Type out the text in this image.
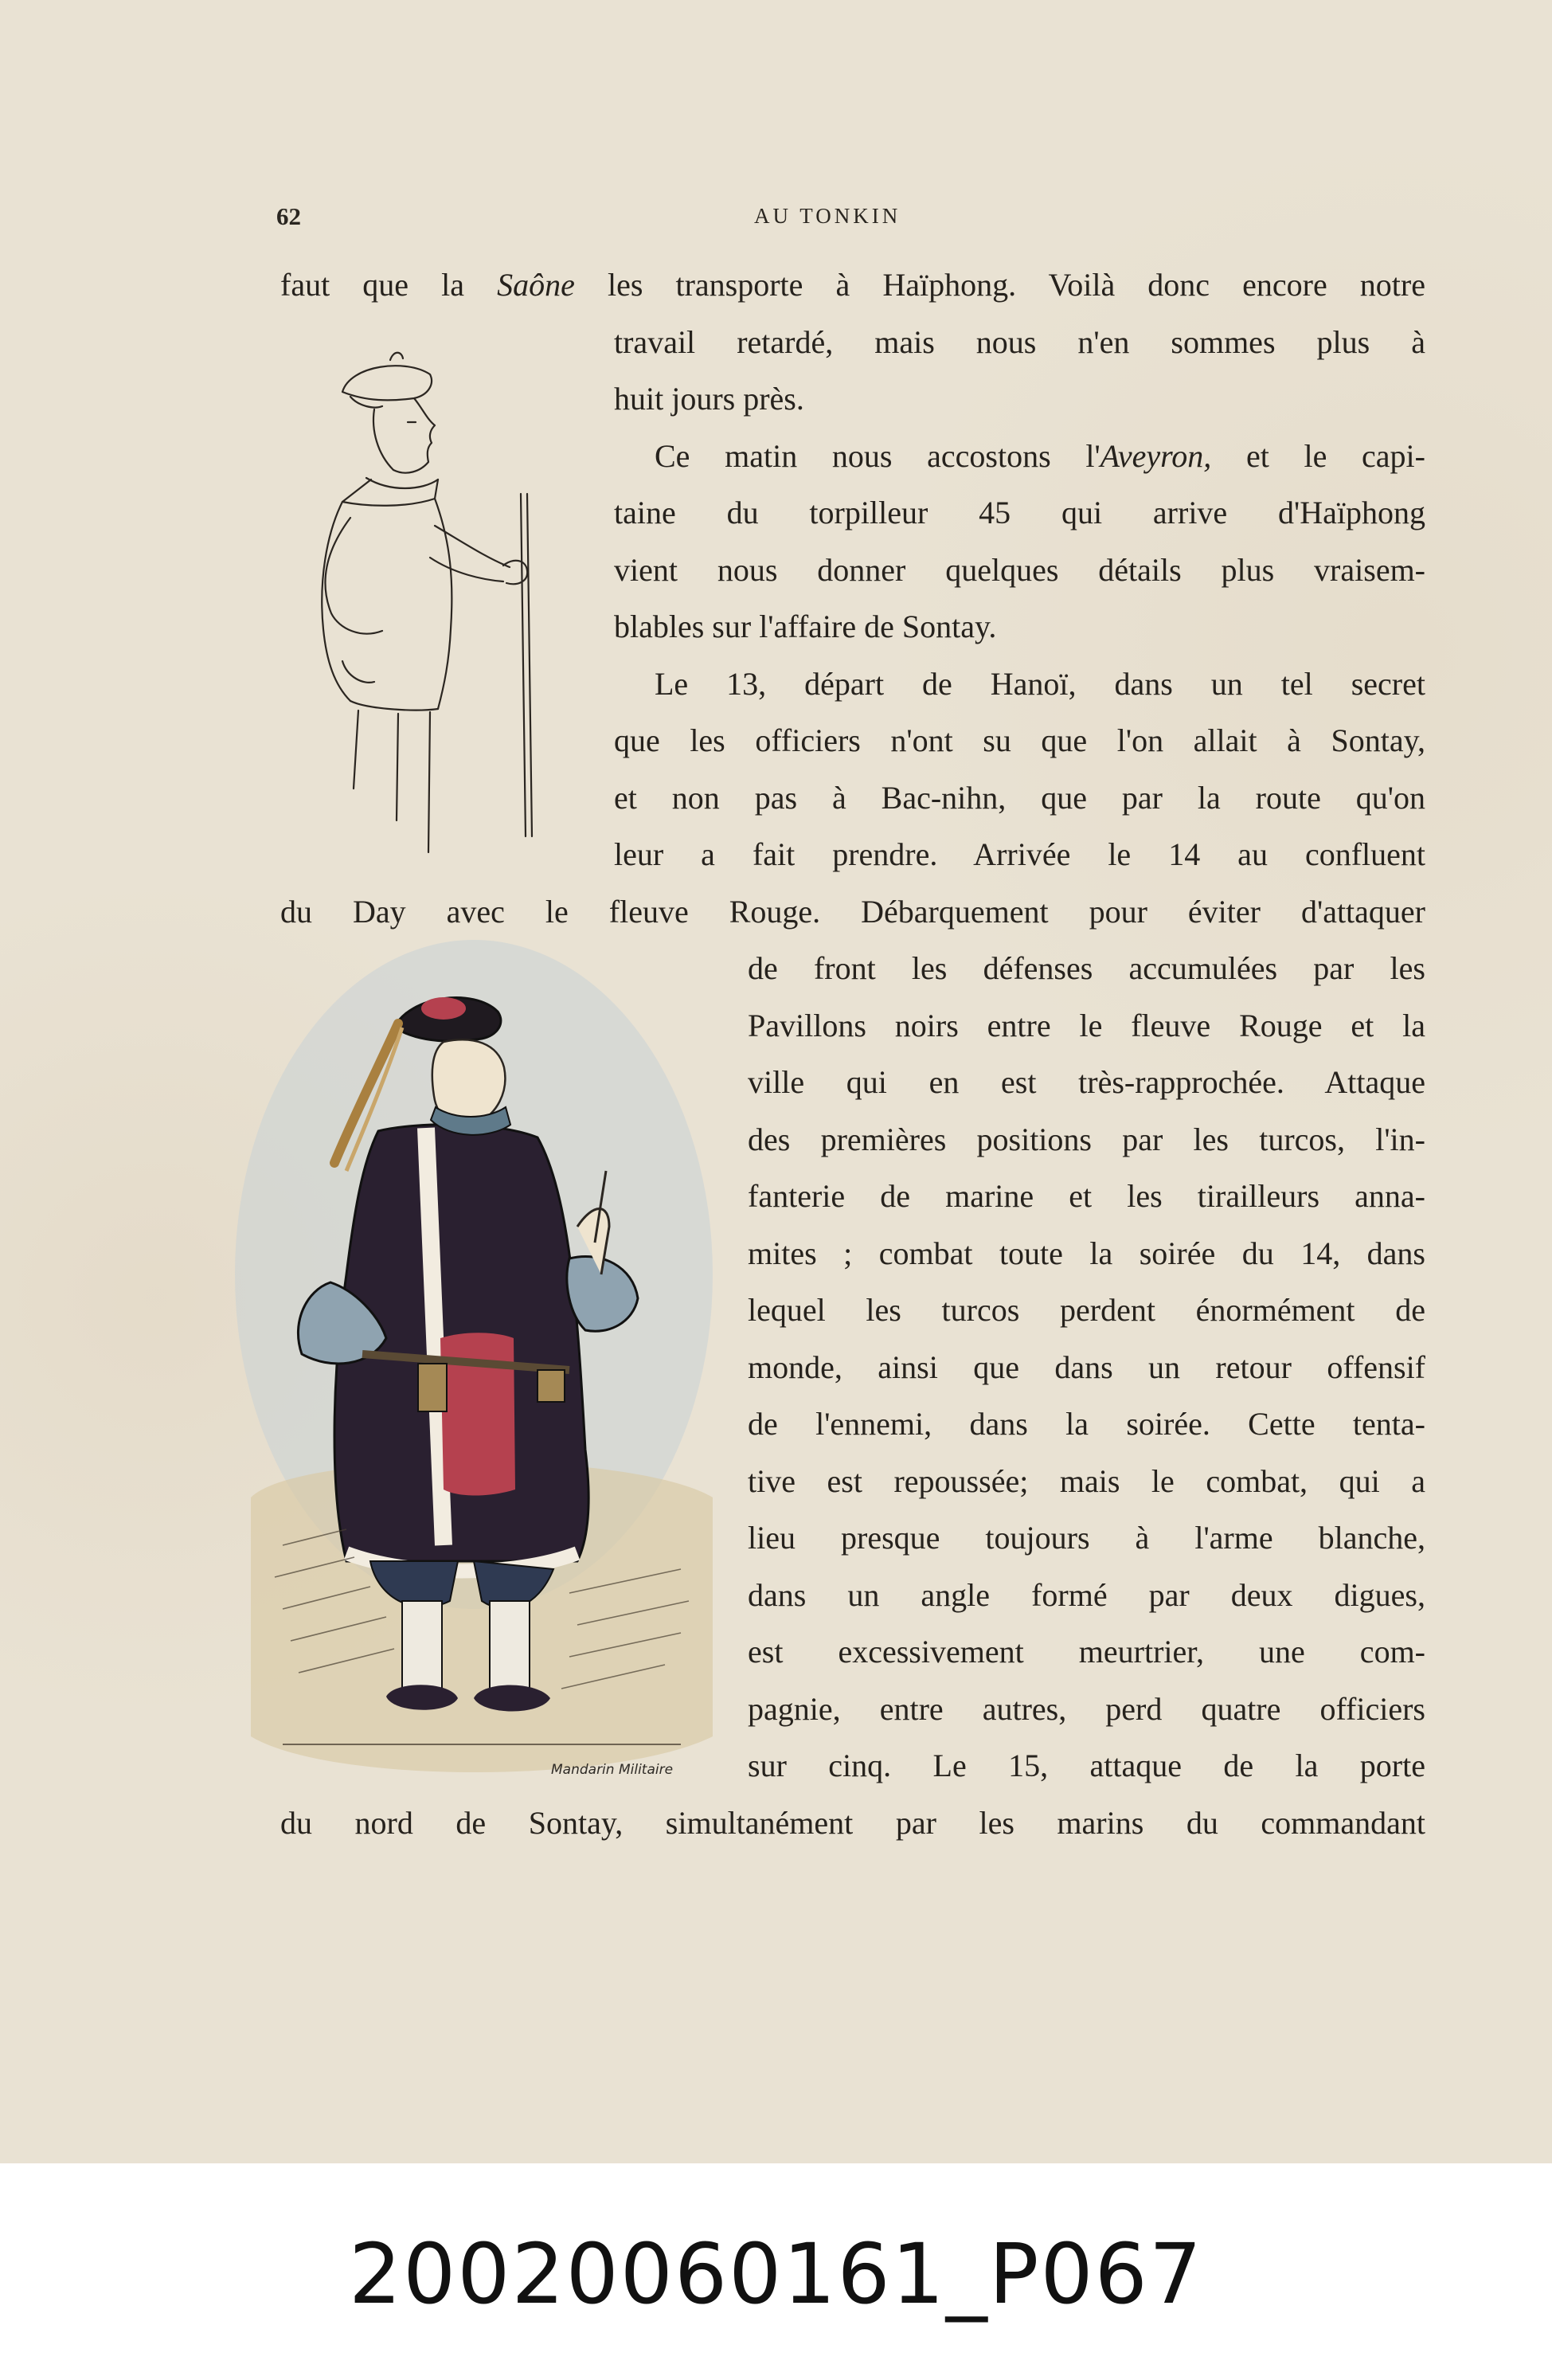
62	AU TONKIN
Mandarin Militaire
faut que la Saône les transporte à Haïphong. Voilà donc encore notre
travail retardé, mais nous n'en sommes plus à
huit jours près.
Ce matin nous accostons l'Aveyron, et le capi-
taine du torpilleur 45 qui arrive d'Haïphong
vient nous donner quelques détails plus vraisem-
blables sur l'affaire de Sontay.
Le 13, départ de Hanoï, dans un tel secret
que les officiers n'ont su que l'on allait à Sontay,
et non pas à Bac-nihn, que par la route qu'on
leur a fait prendre. Arrivée le 14 au confluent
du Day avec le fleuve Rouge. Débarquement pour éviter d'attaquer
de front les défenses accumulées par les
Pavillons noirs entre le fleuve Rouge et la
ville qui en est très-rapprochée. Attaque
des premières positions par les turcos, l'in-
fanterie de marine et les tirailleurs anna-
mites ; combat toute la soirée du 14, dans
lequel les turcos perdent énormément de
monde, ainsi que dans un retour offensif
de l'ennemi, dans la soirée. Cette tenta-
tive est repoussée; mais le combat, qui a
lieu presque toujours à l'arme blanche,
dans un angle formé par deux digues,
est excessivement meurtrier, une com-
pagnie, entre autres, perd quatre officiers
sur cinq. Le 15, attaque de la porte
du nord de Sontay, simultanément par les marins du commandant
20020060161_P067
